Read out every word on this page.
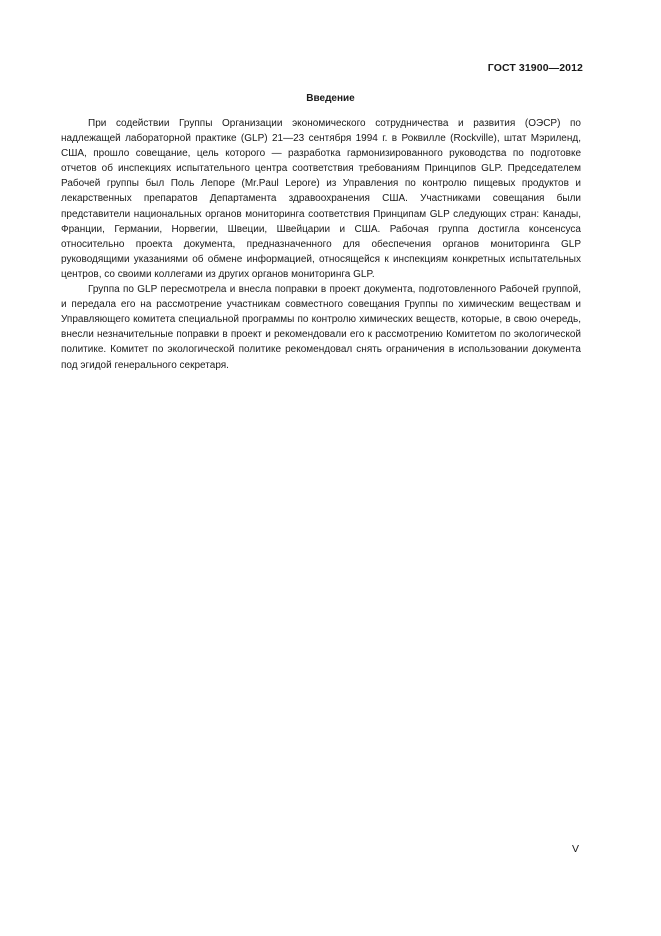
ГОСТ 31900—2012
Введение

При содействии Группы Организации экономического сотрудничества и развития (ОЭСР) по надлежащей лабораторной практике (GLP) 21—23 сентября 1994 г. в Роквилле (Rockville), штат Мэриленд, США, прошло совещание, цель которого — разработка гармонизированного руководства по подготовке отчетов об инспекциях испытательного центра соответствия требованиям Принципов GLP. Председателем Рабочей группы был Поль Лепоре (Mr.Paul Lepore) из Управления по контролю пищевых продуктов и лекарственных препаратов Департамента здравоохранения США. Участниками совещания были представители национальных органов мониторинга соответствия Принципам GLP следующих стран: Канады, Франции, Германии, Норвегии, Швеции, Швейцарии и США. Рабочая группа достигла консенсуса относительно проекта документа, предназначенного для обеспечения органов мониторинга GLP руководящими указаниями об обмене информацией, относящейся к инспекциям конкретных испытательных центров, со своими коллегами из других органов мониторинга GLP.

Группа по GLP пересмотрела и внесла поправки в проект документа, подготовленного Рабочей группой, и передала его на рассмотрение участникам совместного совещания Группы по химическим веществам и Управляющего комитета специальной программы по контролю химических веществ, которые, в свою очередь, внесли незначительные поправки в проект и рекомендовали его к рассмотрению Комитетом по экологической политике. Комитет по экологической политике рекомендовал снять ограничения в использовании документа под эгидой генерального секретаря.

V
